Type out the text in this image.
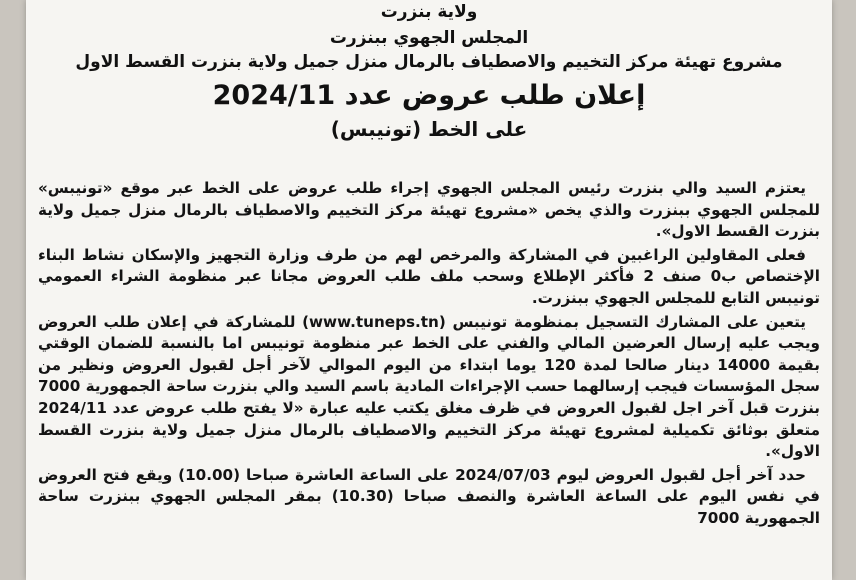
ولاية بنزرت
المجلس الجهوي ببنزرت
مشروع تهيئة مركز التخييم والاصطياف بالرمال منزل جميل ولاية بنزرت القسط الاول
إعلان طلب عروض عدد 2024/11
على الخط (تونيبس)

يعتزم السيد والي بنزرت رئيس المجلس الجهوي إجراء طلب عروض على الخط عبر موقع «تونيبس» للمجلس الجهوي ببنزرت والذي يخص «مشروع تهيئة مركز التخييم والاصطياف بالرمال منزل جميل ولاية بنزرت القسط الاول».

فعلى المقاولين الراغبين في المشاركة والمرخص لهم من طرف وزارة التجهيز والإسكان نشاط البناء الإختصاص ب0 صنف 2 فأكثر الإطلاع وسحب ملف طلب العروض مجانا عبر منظومة الشراء العمومي تونيبس التابع للمجلس الجهوي ببنزرت.

يتعين على المشارك التسجيل بمنظومة تونيبس (www.tuneps.tn) للمشاركة في إعلان طلب العروض ويجب عليه إرسال العرضين المالي والفني على الخط عبر منظومة تونيبس اما بالنسبة للضمان الوقتي بقيمة 14000 دينار صالحا لمدة 120 يوما ابتداء من اليوم الموالي لآخر أجل لقبول العروض ونظير من سجل المؤسسات فيجب إرسالهما حسب الإجراءات المادية باسم السيد والي بنزرت ساحة الجمهورية 7000 بنزرت قبل آخر اجل لقبول العروض في ظرف مغلق يكتب عليه عبارة «لا يفتح طلب عروض عدد 2024/11 متعلق بوثائق تكميلية لمشروع تهيئة مركز التخييم والاصطياف بالرمال منزل جميل ولاية بنزرت القسط الاول».

حدد آخر أجل لقبول العروض ليوم 2024/07/03 على الساعة العاشرة صباحا (10.00) ويقع فتح العروض في نفس اليوم على الساعة العاشرة والنصف صباحا (10.30) بمقر المجلس الجهوي ببنزرت ساحة الجمهورية 7000
